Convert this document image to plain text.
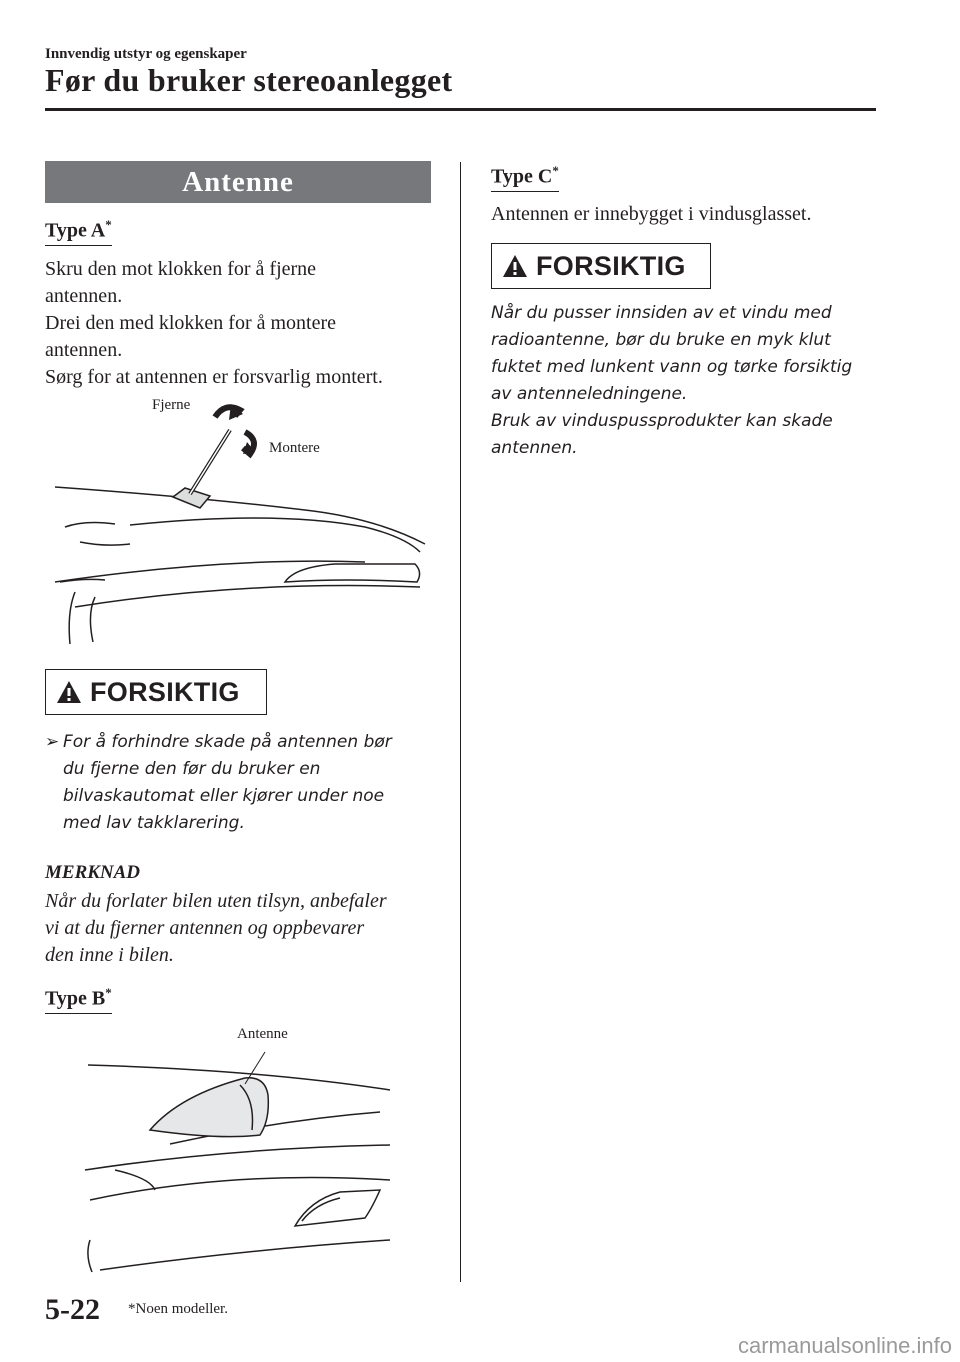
Innvendig utstyr og egenskaper
Før du bruker stereoanlegget
Antenne
Type A*
Skru den mot klokken for å fjerne
antennen.
Drei den med klokken for å montere
antennen.
Sørg for at antennen er forsvarlig montert.
Fjerne
Montere
FORSIKTIG
➢ For å forhindre skade på antennen bør
du fjerne den før du bruker en
bilvaskautomat eller kjører under noe
med lav takklarering.
MERKNAD
Når du forlater bilen uten tilsyn, anbefaler
vi at du fjerner antennen og oppbevarer
den inne i bilen.
Type B*
Antenne
Type C*
Antennen er innebygget i vindusglasset.
FORSIKTIG
Når du pusser innsiden av et vindu med
radioantenne, bør du bruke en myk klut
fuktet med lunkent vann og tørke forsiktig
av antenneledningene.
Bruk av vinduspussprodukter kan skade
antennen.
5-22 *Noen modeller.
carmanualsonline.info
